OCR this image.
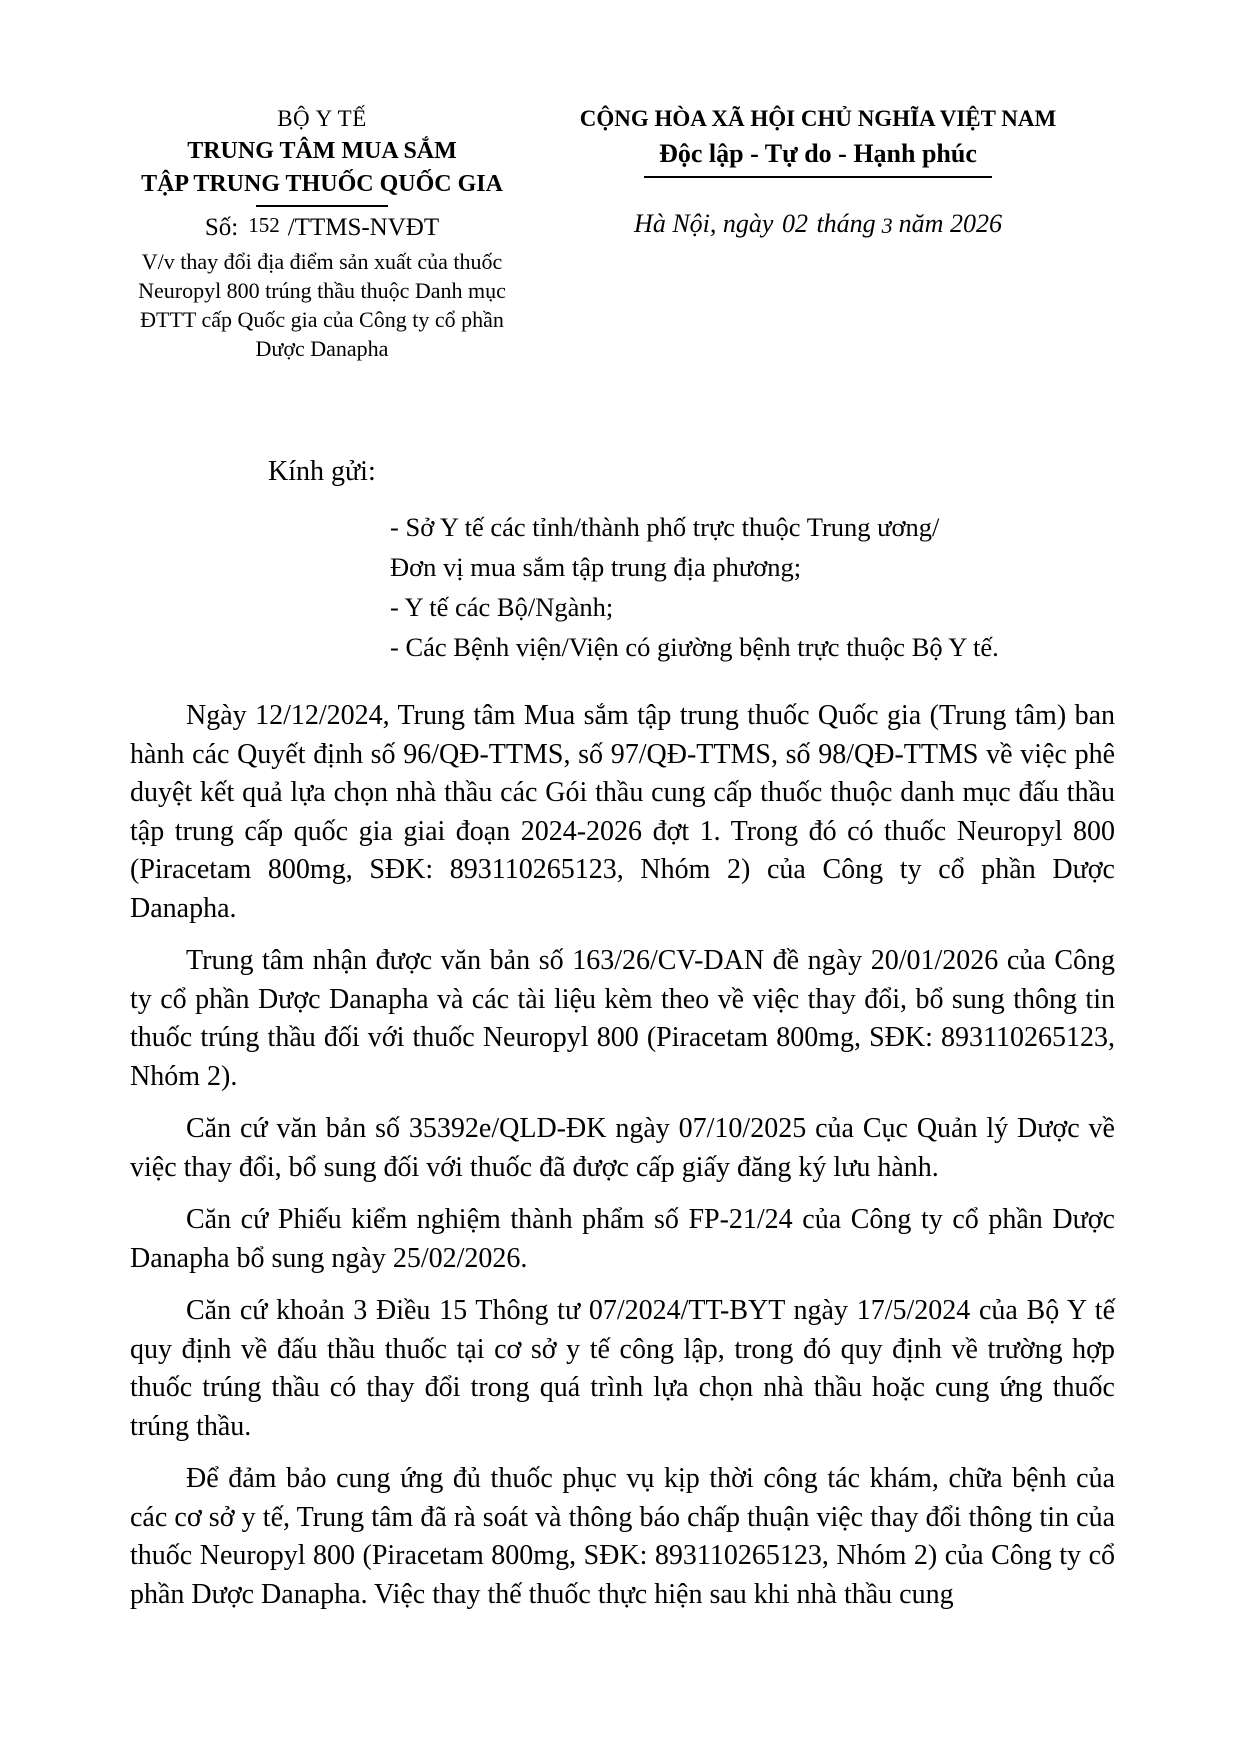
BỘ Y TẾ
TRUNG TÂM MUA SẮM
TẬP TRUNG THUỐC QUỐC GIA
Số: 152 /TTMS-NVĐT
V/v thay đổi địa điểm sản xuất của thuốc
Neuropyl 800 trúng thầu thuộc Danh mục
ĐTTT cấp Quốc gia của Công ty cổ phần
Dược Danapha
CỘNG HÒA XÃ HỘI CHỦ NGHĨA VIỆT NAM
Độc lập - Tự do - Hạnh phúc
Hà Nội, ngày 02 tháng 3 năm 2026
Kính gửi:
- Sở Y tế các tỉnh/thành phố trực thuộc Trung ương/
Đơn vị mua sắm tập trung địa phương;
- Y tế các Bộ/Ngành;
- Các Bệnh viện/Viện có giường bệnh trực thuộc Bộ Y tế.

Ngày 12/12/2024, Trung tâm Mua sắm tập trung thuốc Quốc gia (Trung tâm) ban hành các Quyết định số 96/QĐ-TTMS, số 97/QĐ-TTMS, số 98/QĐ-TTMS về việc phê duyệt kết quả lựa chọn nhà thầu các Gói thầu cung cấp thuốc thuộc danh mục đấu thầu tập trung cấp quốc gia giai đoạn 2024-2026 đợt 1. Trong đó có thuốc Neuropyl 800 (Piracetam 800mg, SĐK: 893110265123, Nhóm 2) của Công ty cổ phần Dược Danapha.

Trung tâm nhận được văn bản số 163/26/CV-DAN đề ngày 20/01/2026 của Công ty cổ phần Dược Danapha và các tài liệu kèm theo về việc thay đổi, bổ sung thông tin thuốc trúng thầu đối với thuốc Neuropyl 800 (Piracetam 800mg, SĐK: 893110265123, Nhóm 2).

Căn cứ văn bản số 35392e/QLD-ĐK ngày 07/10/2025 của Cục Quản lý Dược về việc thay đổi, bổ sung đối với thuốc đã được cấp giấy đăng ký lưu hành.

Căn cứ Phiếu kiểm nghiệm thành phẩm số FP-21/24 của Công ty cổ phần Dược Danapha bổ sung ngày 25/02/2026.

Căn cứ khoản 3 Điều 15 Thông tư 07/2024/TT-BYT ngày 17/5/2024 của Bộ Y tế quy định về đấu thầu thuốc tại cơ sở y tế công lập, trong đó quy định về trường hợp thuốc trúng thầu có thay đổi trong quá trình lựa chọn nhà thầu hoặc cung ứng thuốc trúng thầu.

Để đảm bảo cung ứng đủ thuốc phục vụ kịp thời công tác khám, chữa bệnh của các cơ sở y tế, Trung tâm đã rà soát và thông báo chấp thuận việc thay đổi thông tin của thuốc Neuropyl 800 (Piracetam 800mg, SĐK: 893110265123, Nhóm 2) của Công ty cổ phần Dược Danapha. Việc thay thế thuốc thực hiện sau khi nhà thầu cung
